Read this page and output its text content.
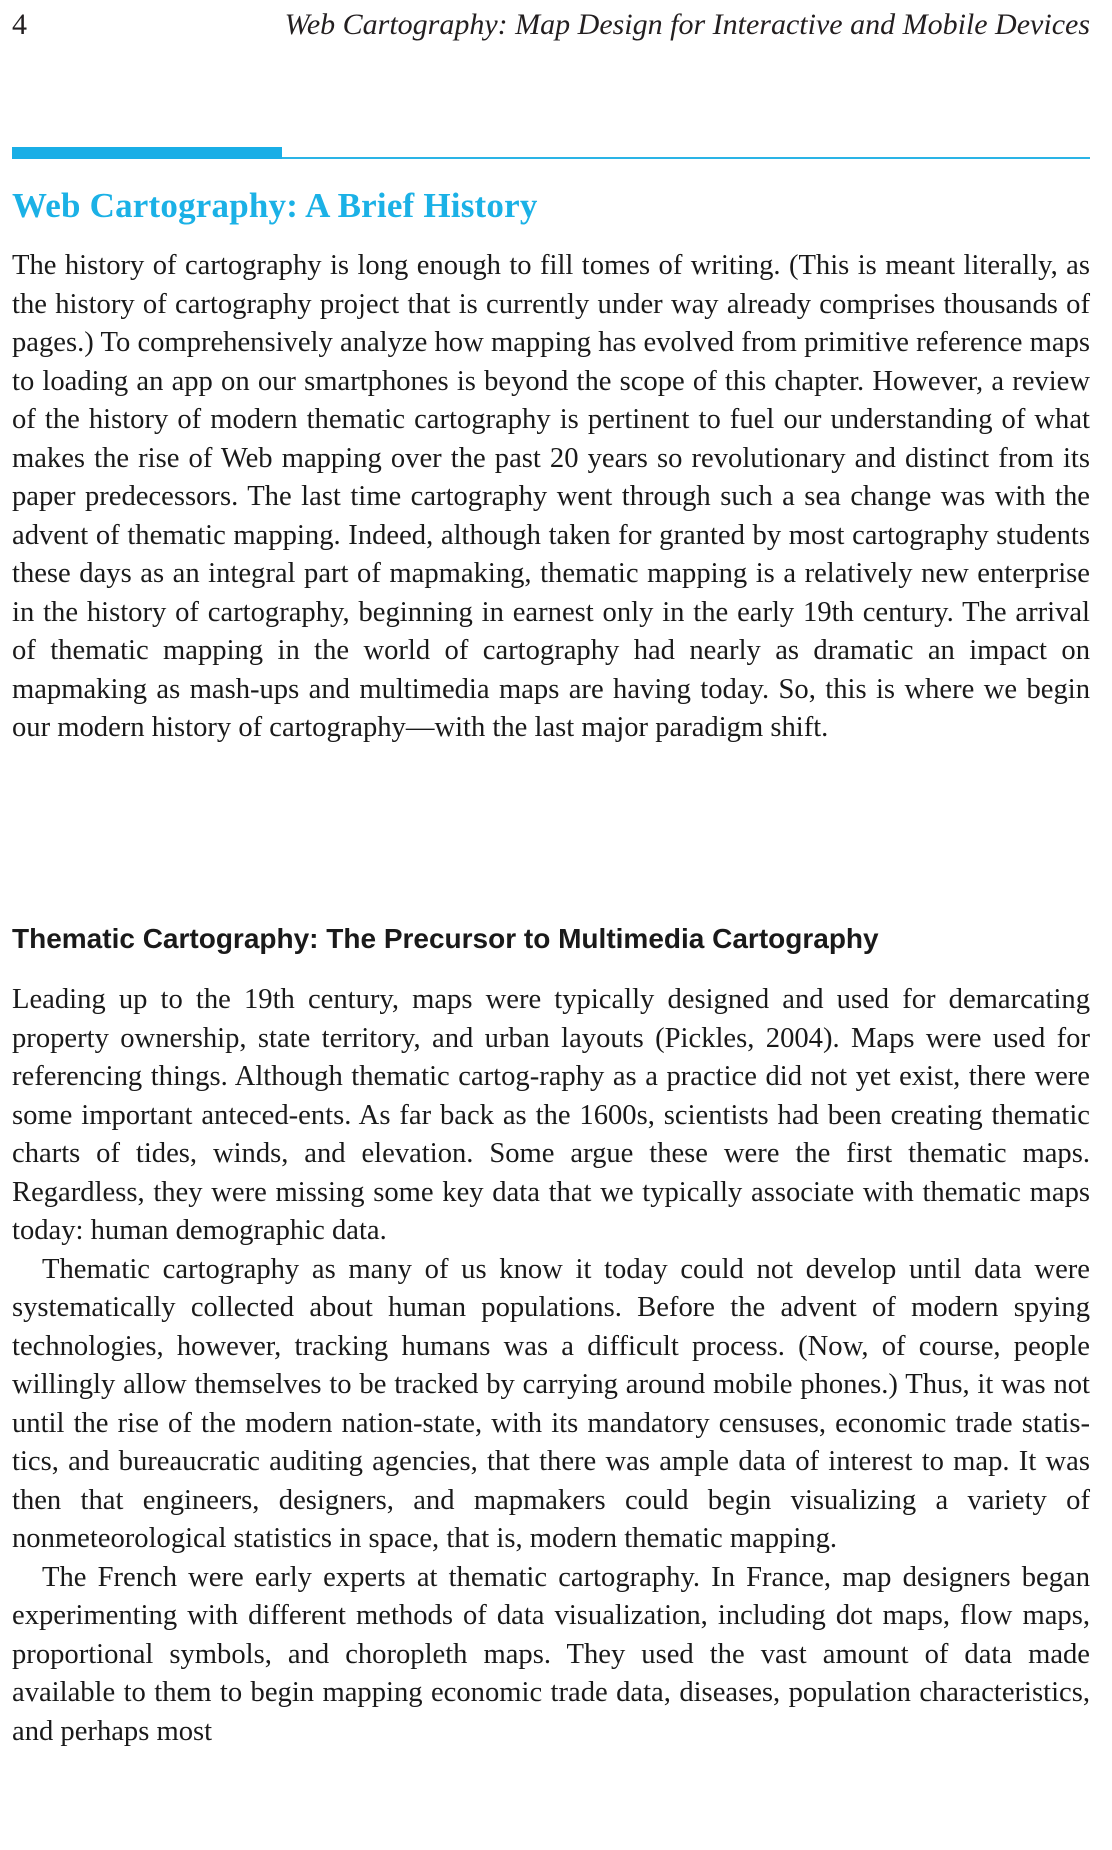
4	Web Cartography: Map Design for Interactive and Mobile Devices
Web Cartography: A Brief History

The history of cartography is long enough to fill tomes of writing. (This is meant literally, as the history of cartography project that is currently under way already comprises thousands of pages.) To comprehensively analyze how mapping has evolved from primitive reference maps to loading an app on our smartphones is beyond the scope of this chapter. However, a review of the history of modern thematic cartography is pertinent to fuel our understanding of what makes the rise of Web mapping over the past 20 years so revolutionary and distinct from its paper predecessors. The last time cartography went through such a sea change was with the advent of thematic mapping. Indeed, although taken for granted by most cartography students these days as an integral part of mapmaking, thematic mapping is a relatively new enterprise in the history of cartography, beginning in earnest only in the early 19th century. The arrival of thematic mapping in the world of cartography had nearly as dramatic an impact on mapmaking as mash-ups and multimedia maps are having today. So, this is where we begin our modern history of cartography—with the last major paradigm shift.

Thematic Cartography: The Precursor to Multimedia Cartography

Leading up to the 19th century, maps were typically designed and used for demarcating property ownership, state territory, and urban layouts (Pickles, 2004). Maps were used for referencing things. Although thematic cartog-raphy as a practice did not yet exist, there were some important anteced-ents. As far back as the 1600s, scientists had been creating thematic charts of tides, winds, and elevation. Some argue these were the first thematic maps. Regardless, they were missing some key data that we typically associate with thematic maps today: human demographic data.

Thematic cartography as many of us know it today could not develop until data were systematically collected about human populations. Before the advent of modern spying technologies, however, tracking humans was a difficult process. (Now, of course, people willingly allow themselves to be tracked by carrying around mobile phones.) Thus, it was not until the rise of the modern nation-state, with its mandatory censuses, economic trade statis-tics, and bureaucratic auditing agencies, that there was ample data of interest to map. It was then that engineers, designers, and mapmakers could begin visualizing a variety of nonmeteorological statistics in space, that is, modern thematic mapping.

The French were early experts at thematic cartography. In France, map designers began experimenting with different methods of data visualization, including dot maps, flow maps, proportional symbols, and choropleth maps. They used the vast amount of data made available to them to begin mapping economic trade data, diseases, population characteristics, and perhaps most
